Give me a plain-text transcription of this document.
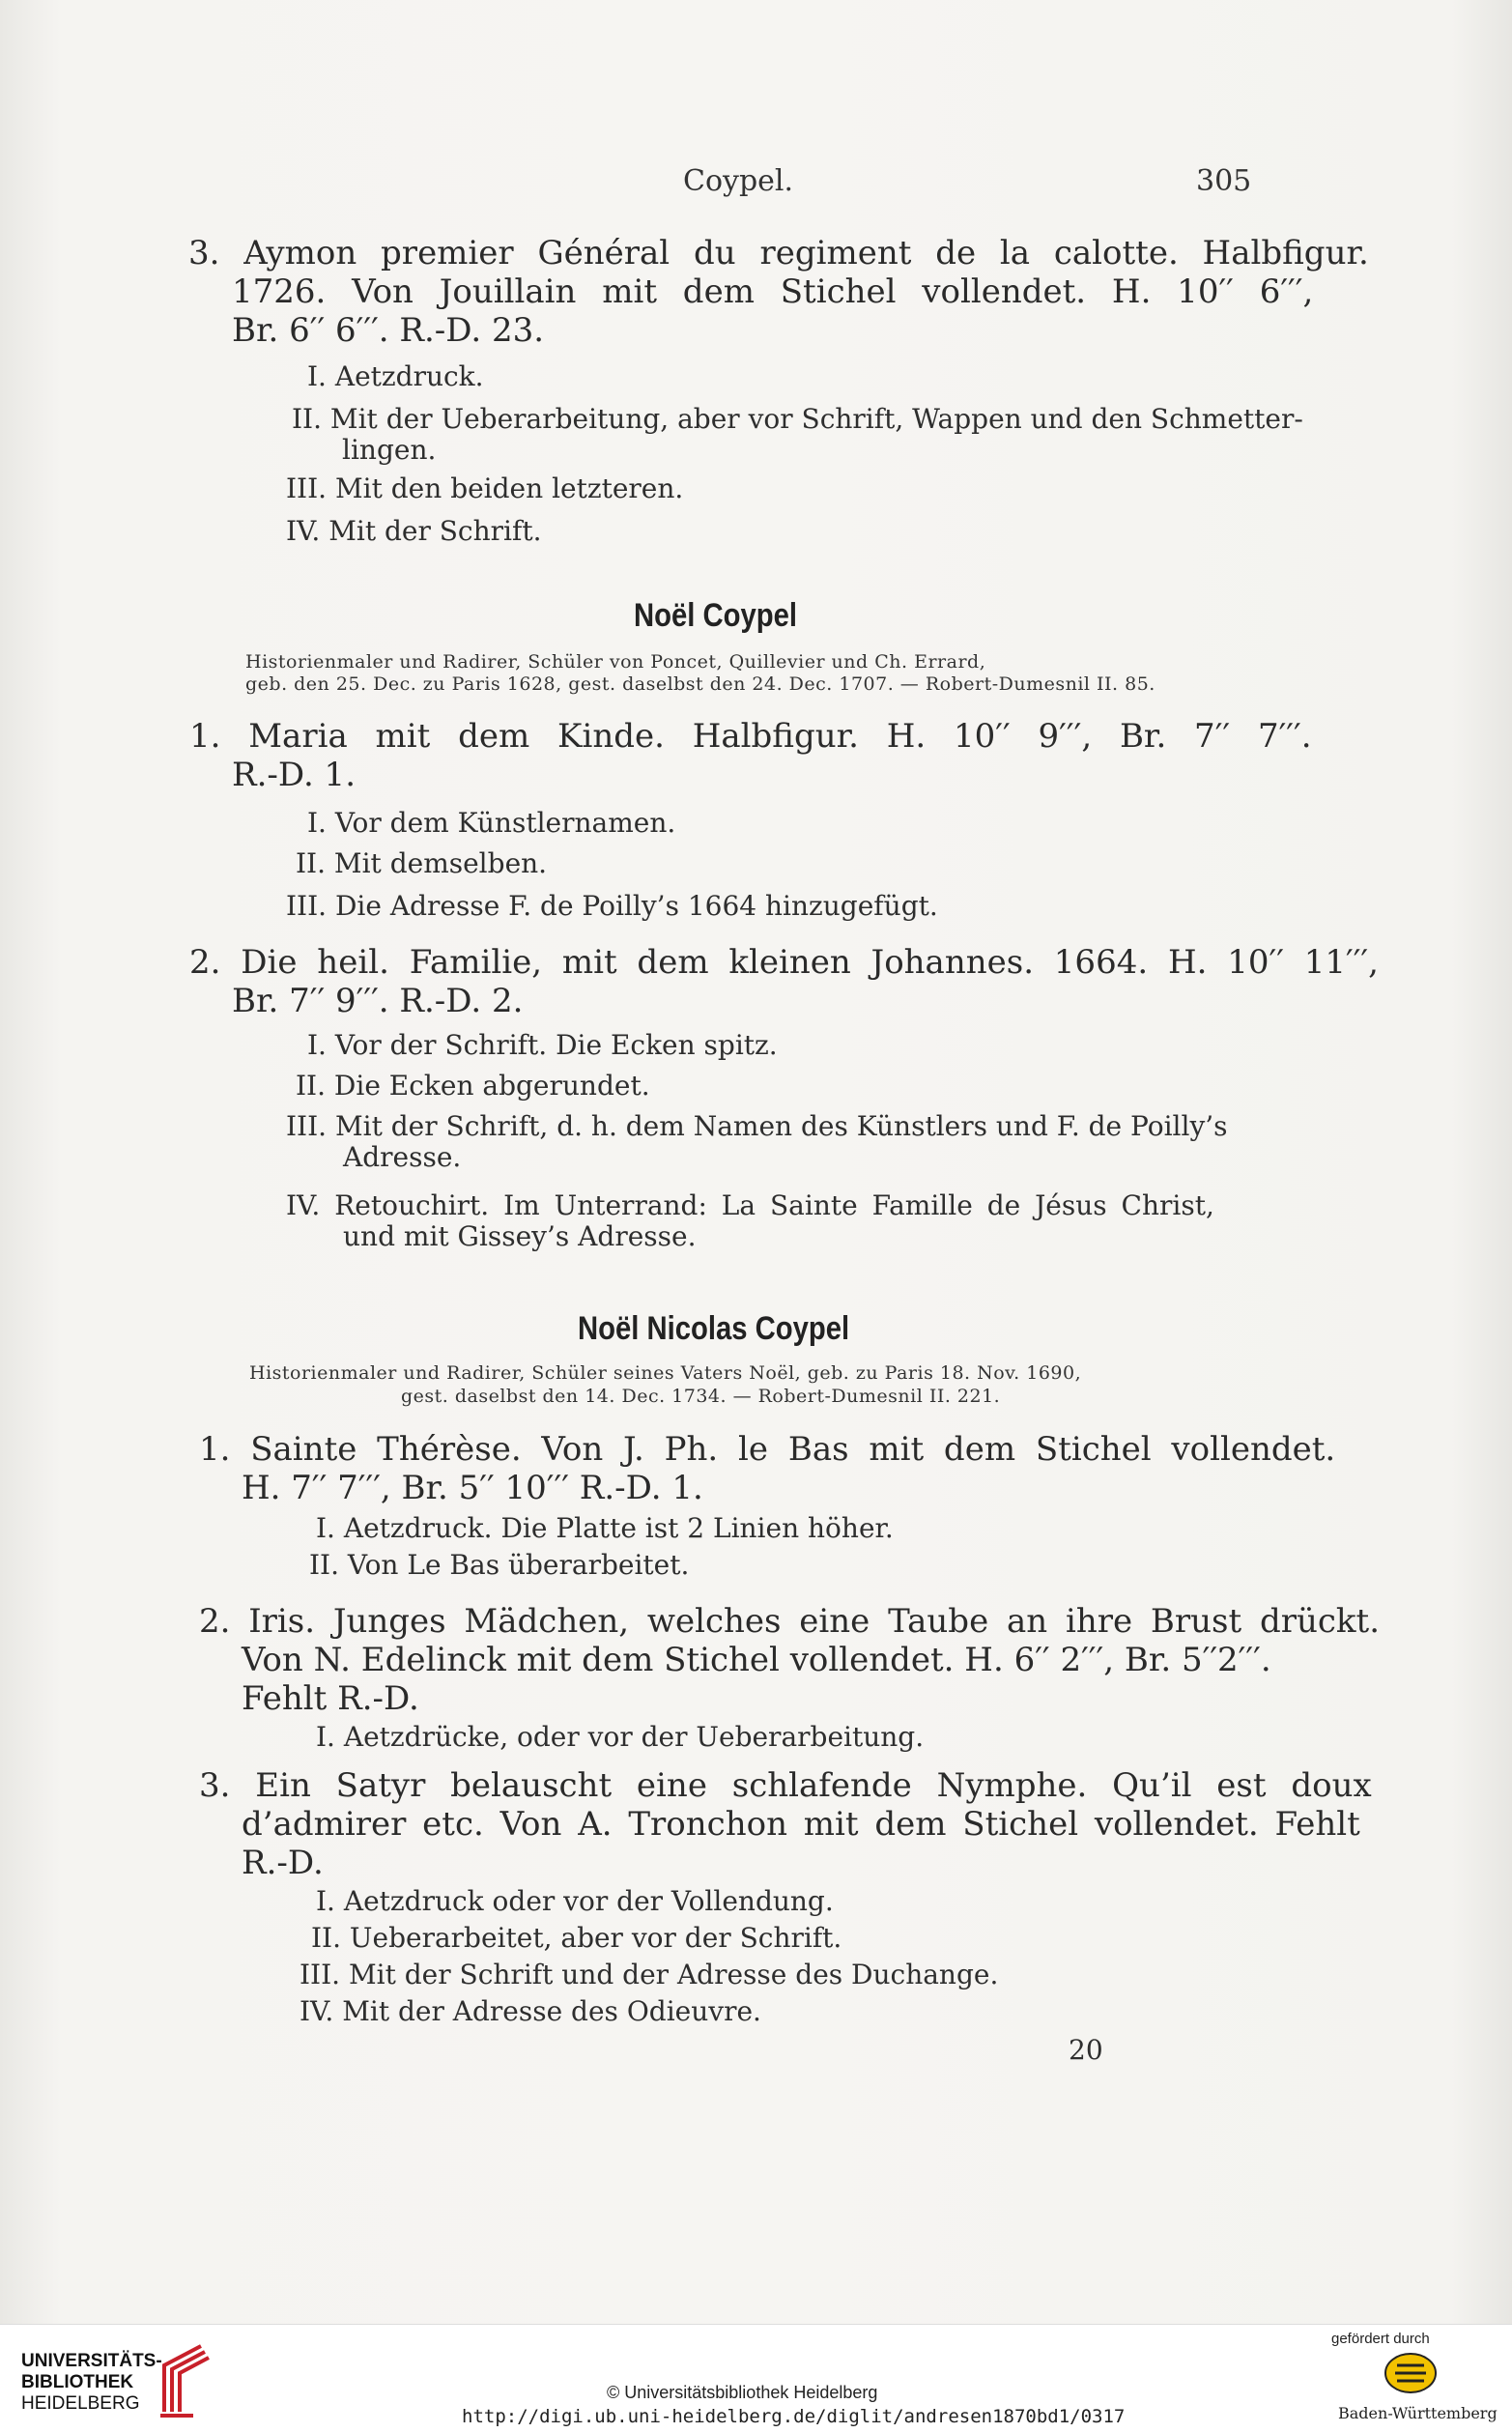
Coypel.	305
3. Aymon premier Général du regiment de la calotte. Halbfigur.
1726. Von Jouillain mit dem Stichel vollendet. H. 10′′ 6′′′,
Br. 6′′ 6′′′. R.-D. 23.
I. Aetzdruck.
II. Mit der Ueberarbeitung, aber vor Schrift, Wappen und den Schmetter-
lingen.
III. Mit den beiden letzteren.
IV. Mit der Schrift.
Noël Coypel
Historienmaler und Radirer, Schüler von Poncet, Quillevier und Ch. Errard,
geb. den 25. Dec. zu Paris 1628, gest. daselbst den 24. Dec. 1707. — Robert-Dumesnil II. 85.
1. Maria mit dem Kinde. Halbfigur. H. 10′′ 9′′′, Br. 7′′ 7′′′.
R.-D. 1.
I. Vor dem Künstlernamen.
II. Mit demselben.
III. Die Adresse F. de Poilly’s 1664 hinzugefügt.
2. Die heil. Familie, mit dem kleinen Johannes. 1664. H. 10′′ 11′′′,
Br. 7′′ 9′′′. R.-D. 2.
I. Vor der Schrift. Die Ecken spitz.
II. Die Ecken abgerundet.
III. Mit der Schrift, d. h. dem Namen des Künstlers und F. de Poilly’s
Adresse.
IV. Retouchirt. Im Unterrand: La Sainte Famille de Jésus Christ,
und mit Gissey’s Adresse.
Noël Nicolas Coypel
Historienmaler und Radirer, Schüler seines Vaters Noël, geb. zu Paris 18. Nov. 1690,
gest. daselbst den 14. Dec. 1734. — Robert-Dumesnil II. 221.
1. Sainte Thérèse. Von J. Ph. le Bas mit dem Stichel vollendet.
H. 7′′ 7′′′, Br. 5′′ 10′′′ R.-D. 1.
I. Aetzdruck. Die Platte ist 2 Linien höher.
II. Von Le Bas überarbeitet.
2. Iris. Junges Mädchen, welches eine Taube an ihre Brust drückt.
Von N. Edelinck mit dem Stichel vollendet. H. 6′′ 2′′′, Br. 5′′2′′′.
Fehlt R.-D.
I. Aetzdrücke, oder vor der Ueberarbeitung.
3. Ein Satyr belauscht eine schlafende Nymphe. Qu’il est doux
d’admirer etc. Von A. Tronchon mit dem Stichel vollendet. Fehlt
R.-D.
I. Aetzdruck oder vor der Vollendung.
II. Ueberarbeitet, aber vor der Schrift.
III. Mit der Schrift und der Adresse des Duchange.
IV. Mit der Adresse des Odieuvre.
20
UNIVERSITÄTS-
BIBLIOTHEK
HEIDELBERG
© Universitätsbibliothek Heidelberg
http://digi.ub.uni-heidelberg.de/diglit/andresen1870bd1/0317
gefördert durch
Baden-Württemberg
